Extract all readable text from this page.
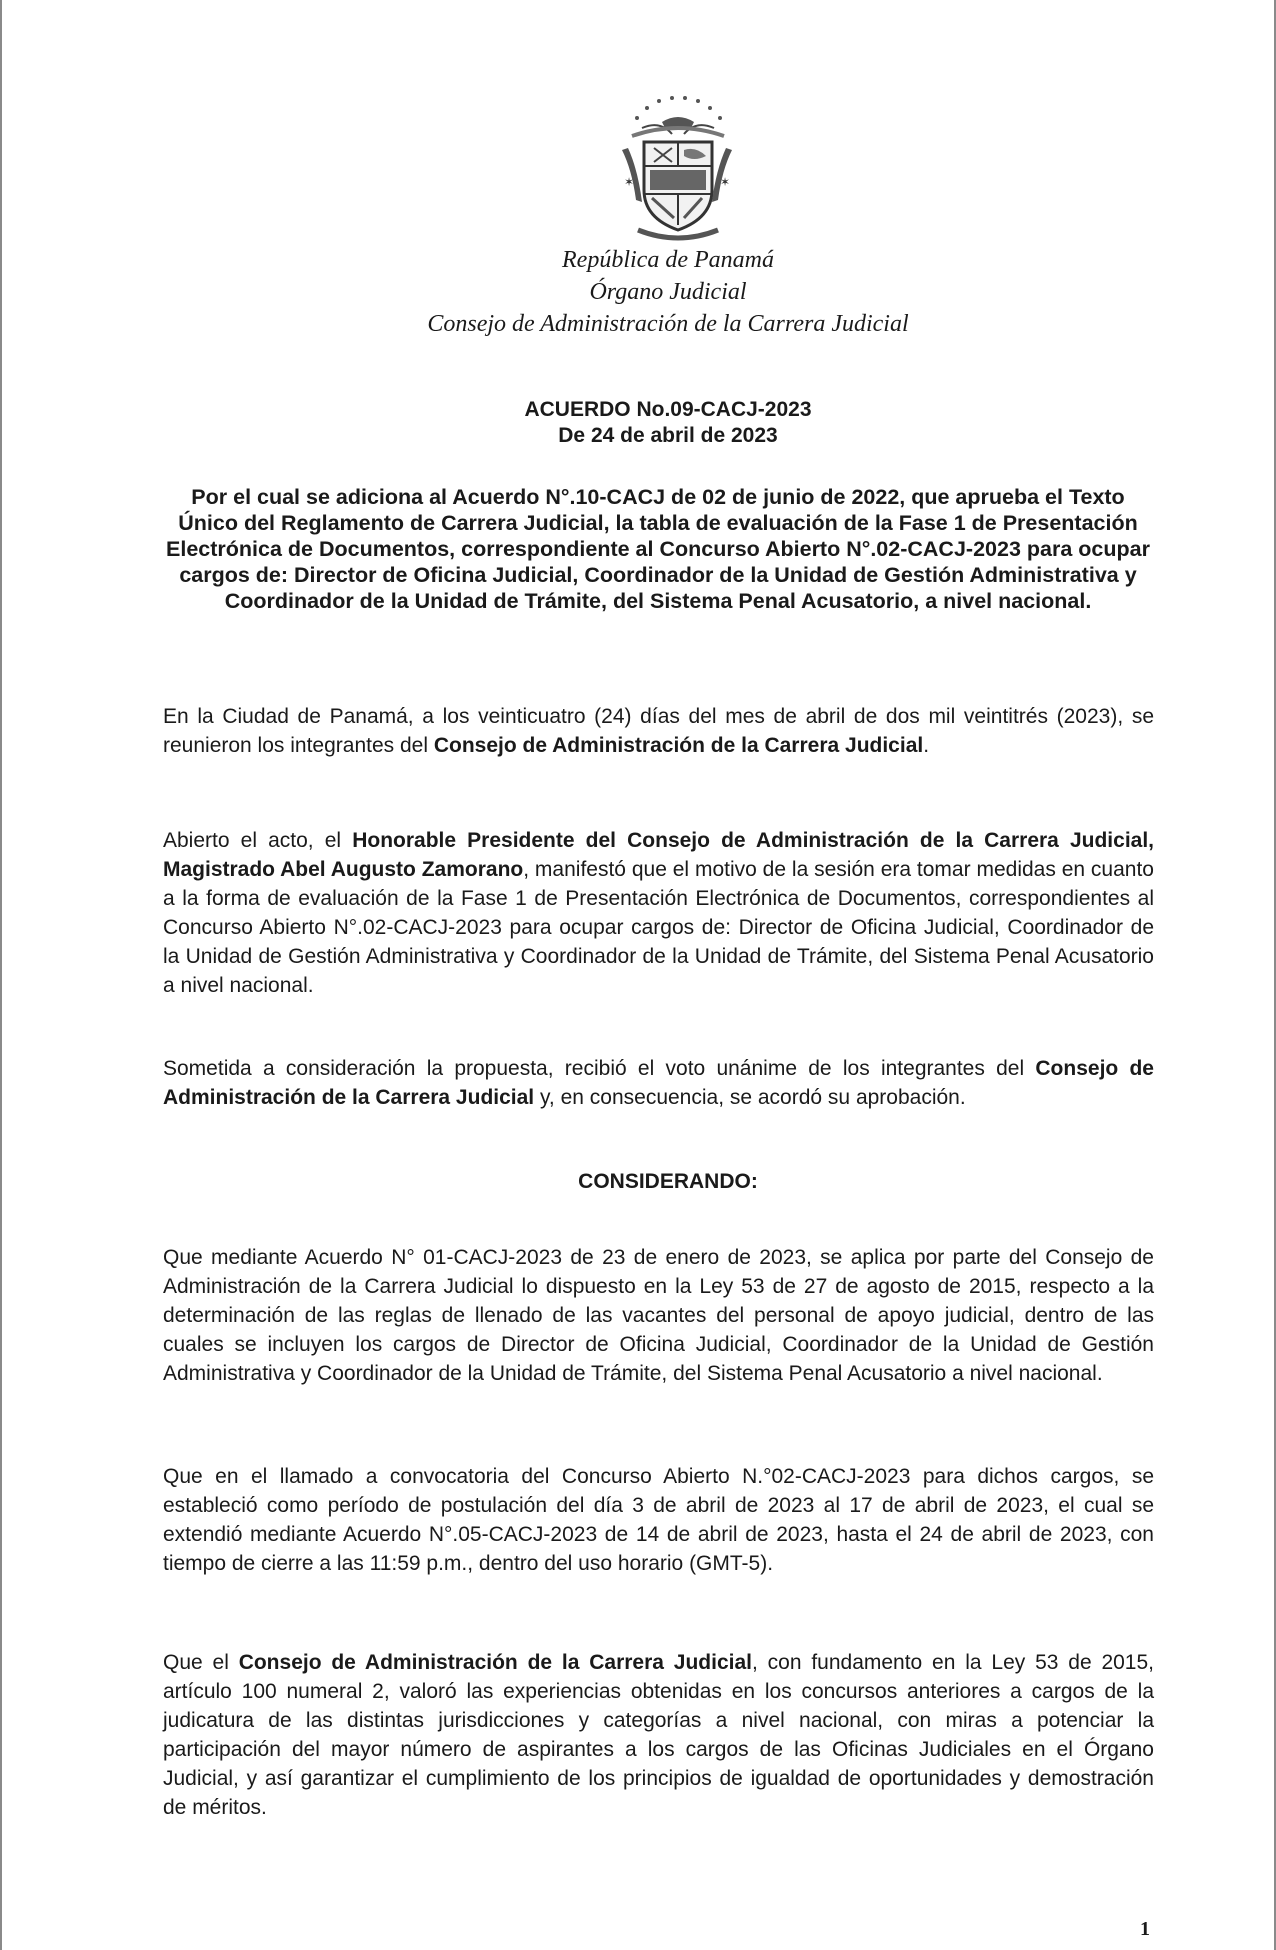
✶	✶
República de Panamá
Órgano Judicial
Consejo de Administración de la Carrera Judicial
ACUERDO No.09-CACJ-2023
De 24 de abril de 2023
Por el cual se adiciona al Acuerdo N°.10-CACJ de 02 de junio de 2022, que aprueba el Texto Único del Reglamento de Carrera Judicial, la tabla de evaluación de la Fase 1 de Presentación Electrónica de Documentos, correspondiente al Concurso Abierto N°.02-CACJ-2023 para ocupar cargos de: Director de Oficina Judicial, Coordinador de la Unidad de Gestión Administrativa y Coordinador de la Unidad de Trámite, del Sistema Penal Acusatorio, a nivel nacional.
En la Ciudad de Panamá, a los veinticuatro (24) días del mes de abril de dos mil veintitrés (2023), se reunieron los integrantes del Consejo de Administración de la Carrera Judicial.
Abierto el acto, el Honorable Presidente del Consejo de Administración de la Carrera Judicial, Magistrado Abel Augusto Zamorano, manifestó que el motivo de la sesión era tomar medidas en cuanto a la forma de evaluación de la Fase 1 de Presentación Electrónica de Documentos, correspondientes al Concurso Abierto N°.02-CACJ-2023 para ocupar cargos de: Director de Oficina Judicial, Coordinador de la Unidad de Gestión Administrativa y Coordinador de la Unidad de Trámite, del Sistema Penal Acusatorio a nivel nacional.
Sometida a consideración la propuesta, recibió el voto unánime de los integrantes del Consejo de Administración de la Carrera Judicial y, en consecuencia, se acordó su aprobación.
CONSIDERANDO:
Que mediante Acuerdo N° 01-CACJ-2023 de 23 de enero de 2023, se aplica por parte del Consejo de Administración de la Carrera Judicial lo dispuesto en la Ley 53 de 27 de agosto de 2015, respecto a la determinación de las reglas de llenado de las vacantes del personal de apoyo judicial, dentro de las cuales se incluyen los cargos de Director de Oficina Judicial, Coordinador de la Unidad de Gestión Administrativa y Coordinador de la Unidad de Trámite, del Sistema Penal Acusatorio a nivel nacional.
Que en el llamado a convocatoria del Concurso Abierto N.°02-CACJ-2023 para dichos cargos, se estableció como período de postulación del día 3 de abril de 2023 al 17 de abril de 2023, el cual se extendió mediante Acuerdo N°.05-CACJ-2023 de 14 de abril de 2023, hasta el 24 de abril de 2023, con tiempo de cierre a las 11:59 p.m., dentro del uso horario (GMT-5).
Que el Consejo de Administración de la Carrera Judicial, con fundamento en la Ley 53 de 2015, artículo 100 numeral 2, valoró las experiencias obtenidas en los concursos anteriores a cargos de la judicatura de las distintas jurisdicciones y categorías a nivel nacional, con miras a potenciar la participación del mayor número de aspirantes a los cargos de las Oficinas Judiciales en el Órgano Judicial, y así garantizar el cumplimiento de los principios de igualdad de oportunidades y demostración de méritos.
1
